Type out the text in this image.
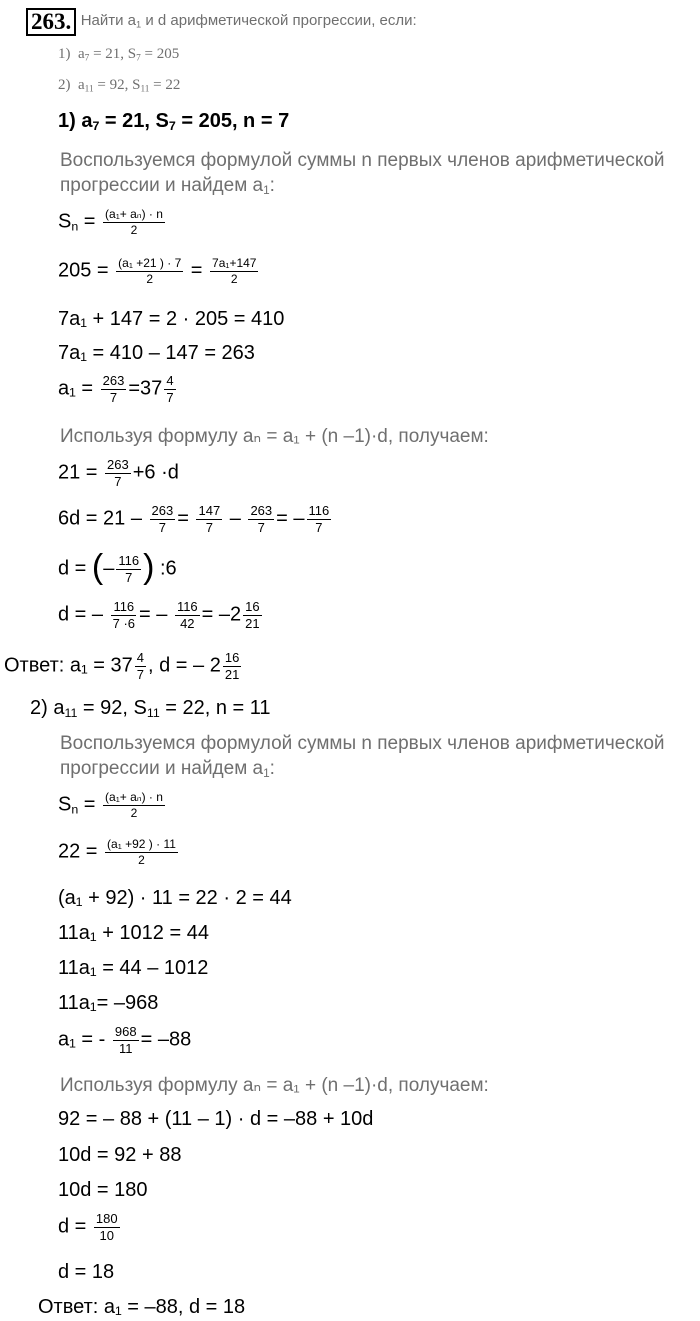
263. Найти $a_1$ и d арифметической прогрессии, если:
1) $a_7 = 21$, $S_7 = 205$
2) $a_{11} = 92$, $S_{11} = 22$
1) $a_7 = 21$, $S_7 = 205$, n = 7
Воспользуемся формулой суммы n первых членов арифметической
прогрессии и найдем $a_1$:
$S_n = \frac{\text{(a₁+ aₙ) · n}}{2}$
$205 = \frac{\text{(a₁ +21 ) · 7}}{2} = \frac{\text{7a₁+147}}{2}$
7a₁ + 147 = 2 · 205 = 410
7a₁ = 410 – 147 = 263
$a_1 = \frac{263}{7} =37 \frac{4}{7}$
Используя формулу aₙ = a₁ + (n –1)·d, получаем:
$21 = \frac{263}{7} +6 \cdot d$
$6d = 21 - \frac{263}{7} = \frac{147}{7} - \frac{263}{7}$ = – $\frac{116}{7}$
d = (– $\frac{116}{7}$ ) :6
d = – $\frac{116}{7 \cdot 6}$ = – $\frac{116}{42} = -2 \frac{16}{21}$
Ответ: $a_1 = 37 \frac{4}{7}$ , d = – $2 \frac{16}{21}$
2) $a_{11} = 92$, $S_{11} = 22$, n = 11
Воспользуемся формулой суммы n первых членов арифметической
прогрессии и найдем $a_1$:
$S_n = \frac{\text{(a₁+ aₙ) · n}}{2}$
$22 = \frac{\text{(a₁ +92 ) · 11}}{2}$
(a₁ + 92) · 11 = 22 · 2 = 44
11a₁ + 1012 = 44
11a₁ = 44 – 1012
11a₁= –968
a₁ = - $\frac{968}{11} = -88$
Используя формулу aₙ = a₁ + (n –1)·d, получаем:
92 = – 88 + (11 – 1) · d = –88 + 10d
10d = 92 + 88
10d = 180
$d = \frac{180}{10}$
d = 18
Ответ: a₁ = –88, d = 18
